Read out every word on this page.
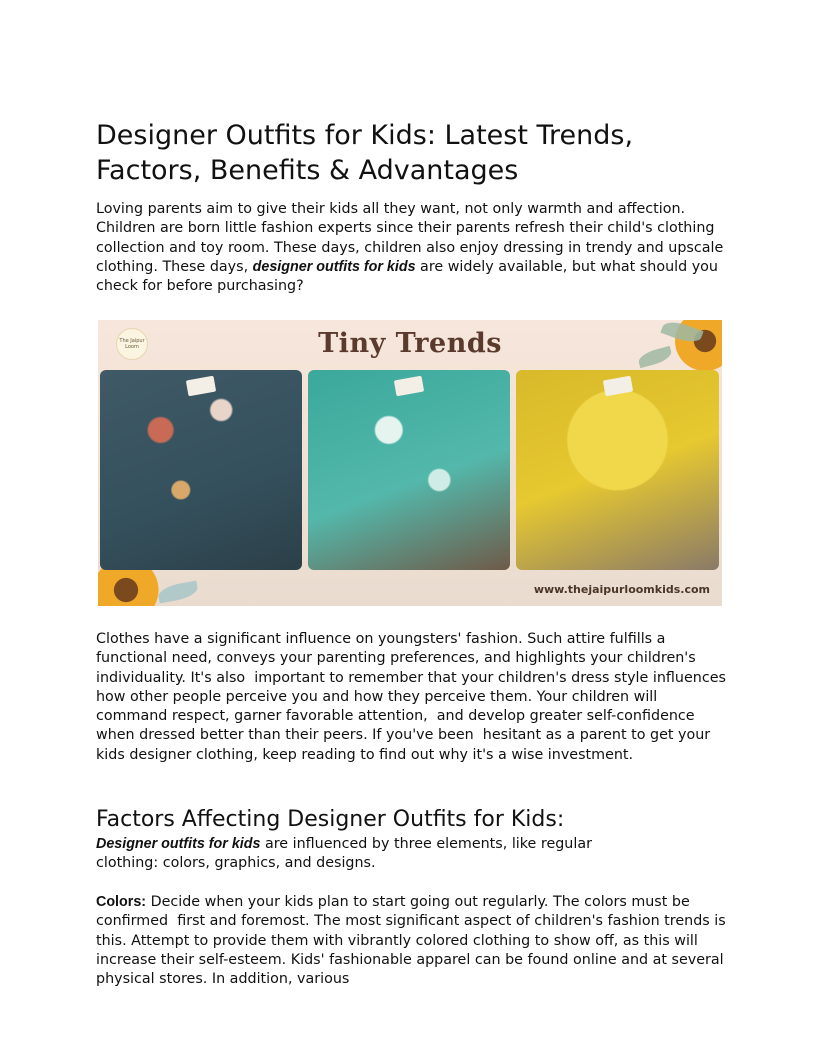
Designer Outfits for Kids: Latest Trends, Factors, Benefits & Advantages

Loving parents aim to give their kids all they want, not only warmth and affection. Children are born little fashion experts since their parents refresh their child's clothing collection and toy room. These days, children also enjoy dressing in trendy and upscale clothing. These days, designer outfits for kids are widely available, but what should you check for before purchasing?

The Jaipur Loom	Tiny Trends
www.thejaipurloomkids.com

Clothes have a significant influence on youngsters' fashion. Such attire fulfills a functional need, conveys your parenting preferences, and highlights your children's individuality. It's also  important to remember that your children's dress style influences how other people perceive you and how they perceive them. Your children will command respect, garner favorable attention,  and develop greater self-confidence when dressed better than their peers. If you've been  hesitant as a parent to get your kids designer clothing, keep reading to find out why it's a wise investment.

Factors Affecting Designer Outfits for Kids:

Designer outfits for kids are influenced by three elements, like regular clothing: colors, graphics, and designs.

Colors: Decide when your kids plan to start going out regularly. The colors must be confirmed  first and foremost. The most significant aspect of children's fashion trends is this. Attempt to provide them with vibrantly colored clothing to show off, as this will increase their self-esteem. Kids' fashionable apparel can be found online and at several physical stores. In addition, various
